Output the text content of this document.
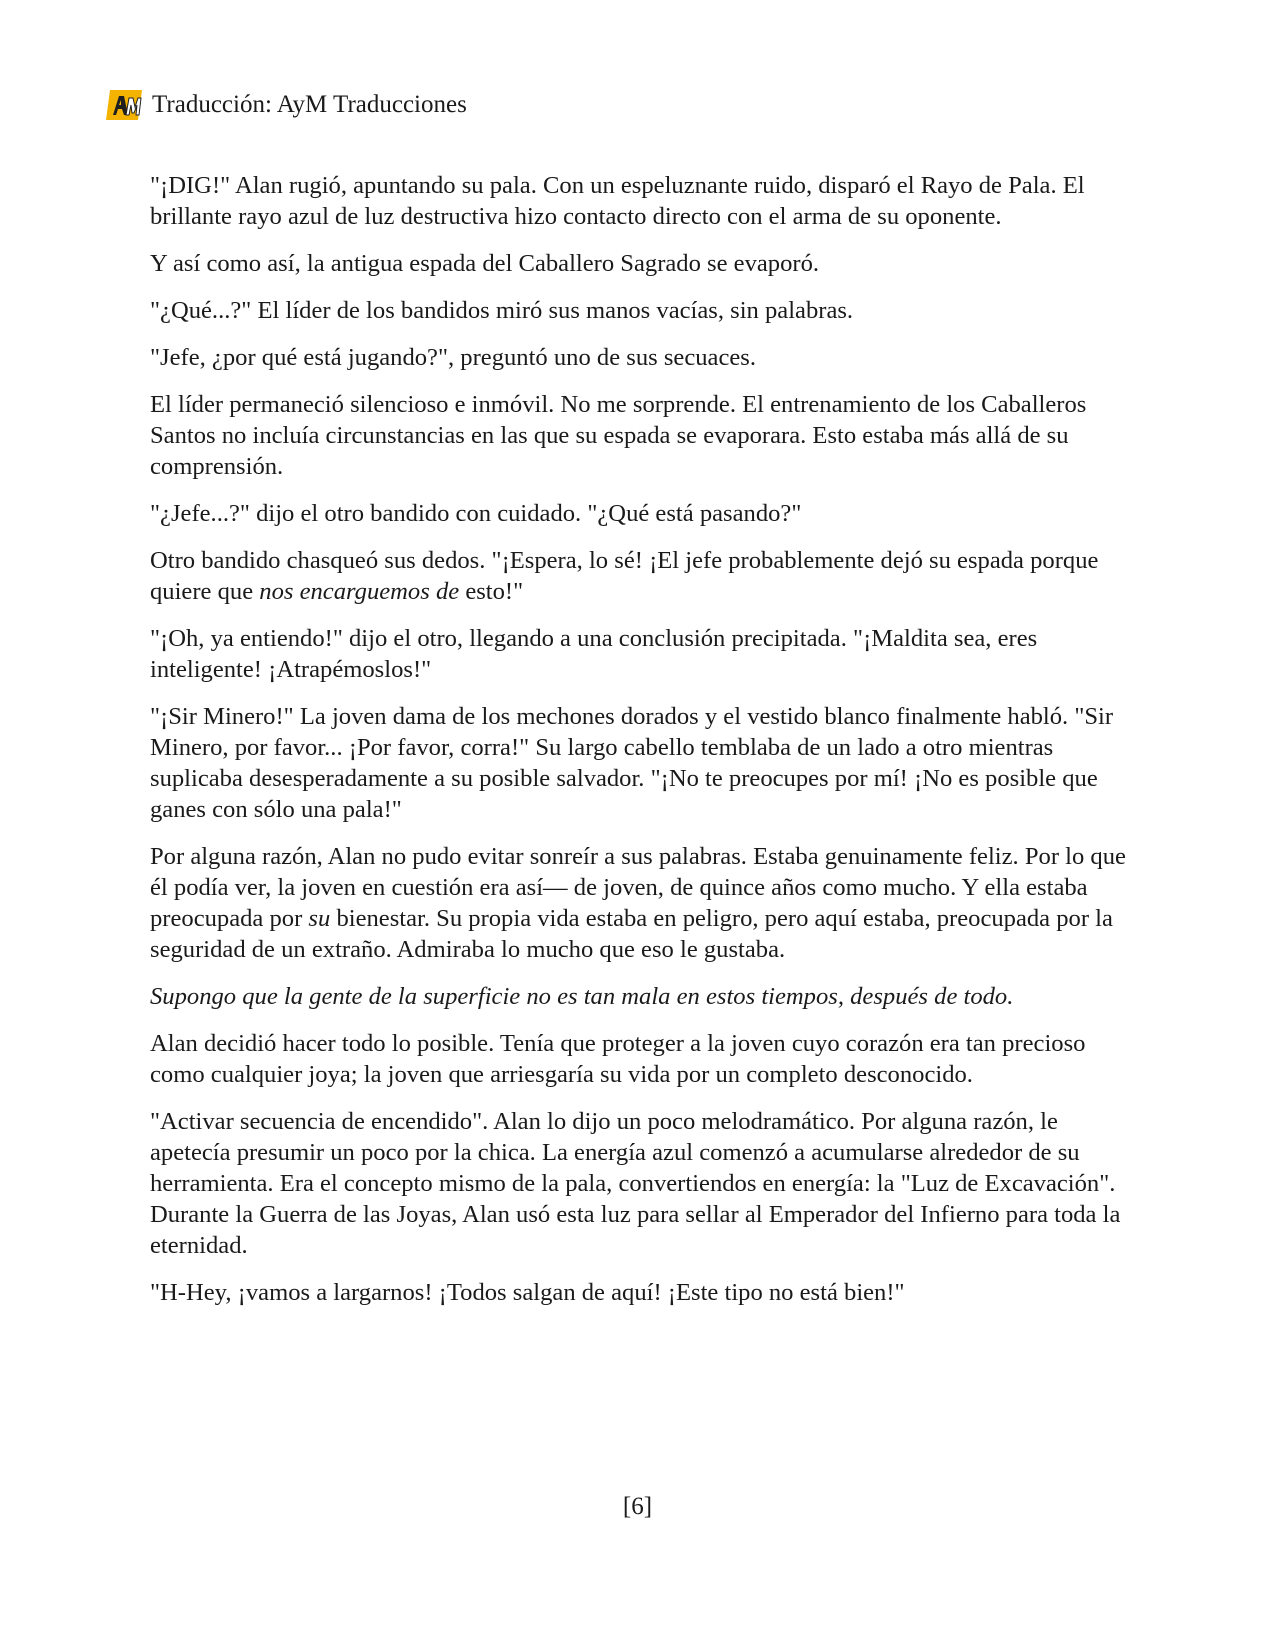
Traducción: AyM Traducciones

"¡DIG!" Alan rugió, apuntando su pala. Con un espeluznante ruido, disparó el Rayo de Pala. El brillante rayo azul de luz destructiva hizo contacto directo con el arma de su oponente.

Y así como así, la antigua espada del Caballero Sagrado se evaporó.

"¿Qué...?" El líder de los bandidos miró sus manos vacías, sin palabras.

"Jefe, ¿por qué está jugando?", preguntó uno de sus secuaces.

El líder permaneció silencioso e inmóvil. No me sorprende. El entrenamiento de los Caballeros Santos no incluía circunstancias en las que su espada se evaporara. Esto estaba más allá de su comprensión.

"¿Jefe...?" dijo el otro bandido con cuidado. "¿Qué está pasando?"

Otro bandido chasqueó sus dedos. "¡Espera, lo sé! ¡El jefe probablemente dejó su espada porque quiere que nos encarguemos de esto!"

"¡Oh, ya entiendo!" dijo el otro, llegando a una conclusión precipitada. "¡Maldita sea, eres inteligente! ¡Atrapémoslos!"

"¡Sir Minero!" La joven dama de los mechones dorados y el vestido blanco finalmente habló. "Sir Minero, por favor... ¡Por favor, corra!" Su largo cabello temblaba de un lado a otro mientras suplicaba desesperadamente a su posible salvador. "¡No te preocupes por mí! ¡No es posible que ganes con sólo una pala!"

Por alguna razón, Alan no pudo evitar sonreír a sus palabras. Estaba genuinamente feliz. Por lo que él podía ver, la joven en cuestión era así— de joven, de quince años como mucho. Y ella estaba preocupada por su bienestar. Su propia vida estaba en peligro, pero aquí estaba, preocupada por la seguridad de un extraño. Admiraba lo mucho que eso le gustaba.

Supongo que la gente de la superficie no es tan mala en estos tiempos, después de todo.

Alan decidió hacer todo lo posible. Tenía que proteger a la joven cuyo corazón era tan precioso como cualquier joya; la joven que arriesgaría su vida por un completo desconocido.

"Activar secuencia de encendido". Alan lo dijo un poco melodramático. Por alguna razón, le apetecía presumir un poco por la chica. La energía azul comenzó a acumularse alrededor de su herramienta. Era el concepto mismo de la pala, convertiendos en energía: la "Luz de Excavación". Durante la Guerra de las Joyas, Alan usó esta luz para sellar al Emperador del Infierno para toda la eternidad.

"H-Hey, ¡vamos a largarnos! ¡Todos salgan de aquí! ¡Este tipo no está bien!"

[6]
